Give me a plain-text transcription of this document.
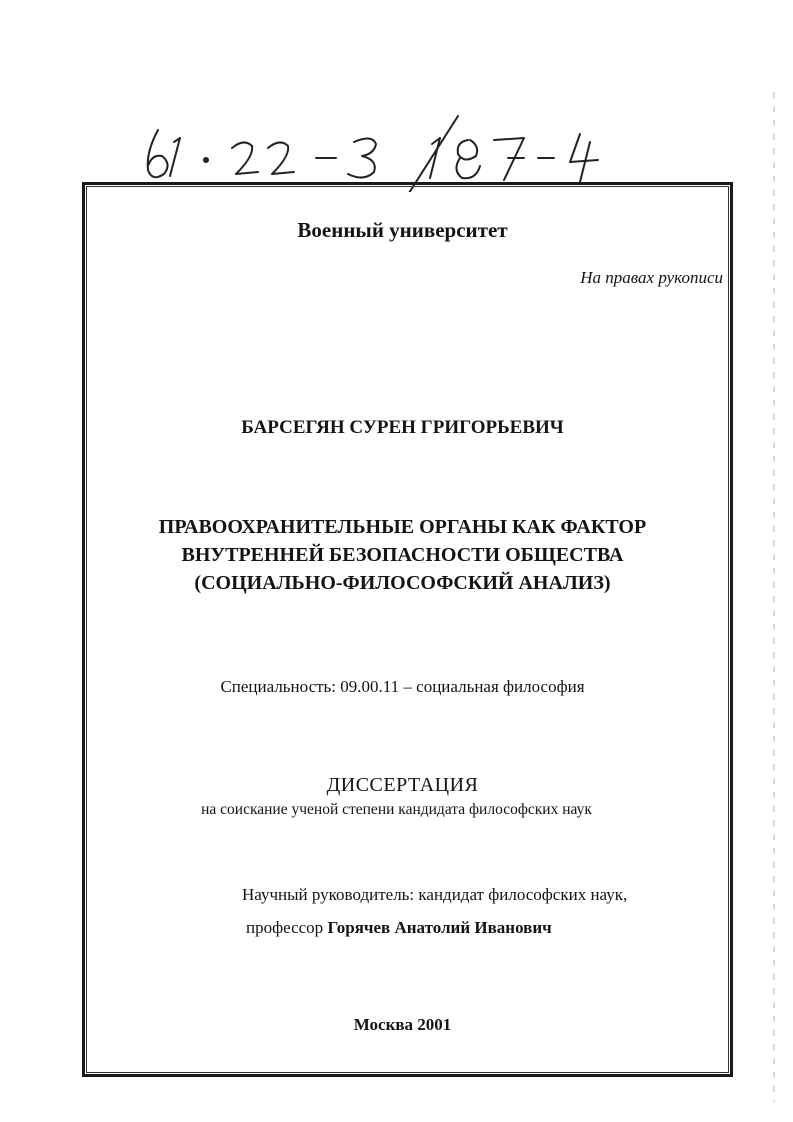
Военный университет
На правах рукописи
БАРСЕГЯН СУРЕН ГРИГОРЬЕВИЧ
ПРАВООХРАНИТЕЛЬНЫЕ ОРГАНЫ КАК ФАКТОР
ВНУТРЕННЕЙ БЕЗОПАСНОСТИ ОБЩЕСТВА
(СОЦИАЛЬНО-ФИЛОСОФСКИЙ АНАЛИЗ)
Специальность: 09.00.11 – социальная философия
ДИССЕРТАЦИЯ
на соискание ученой степени кандидата философских наук
Научный руководитель: кандидат философских наук,
профессор Горячев Анатолий Иванович
Москва 2001
